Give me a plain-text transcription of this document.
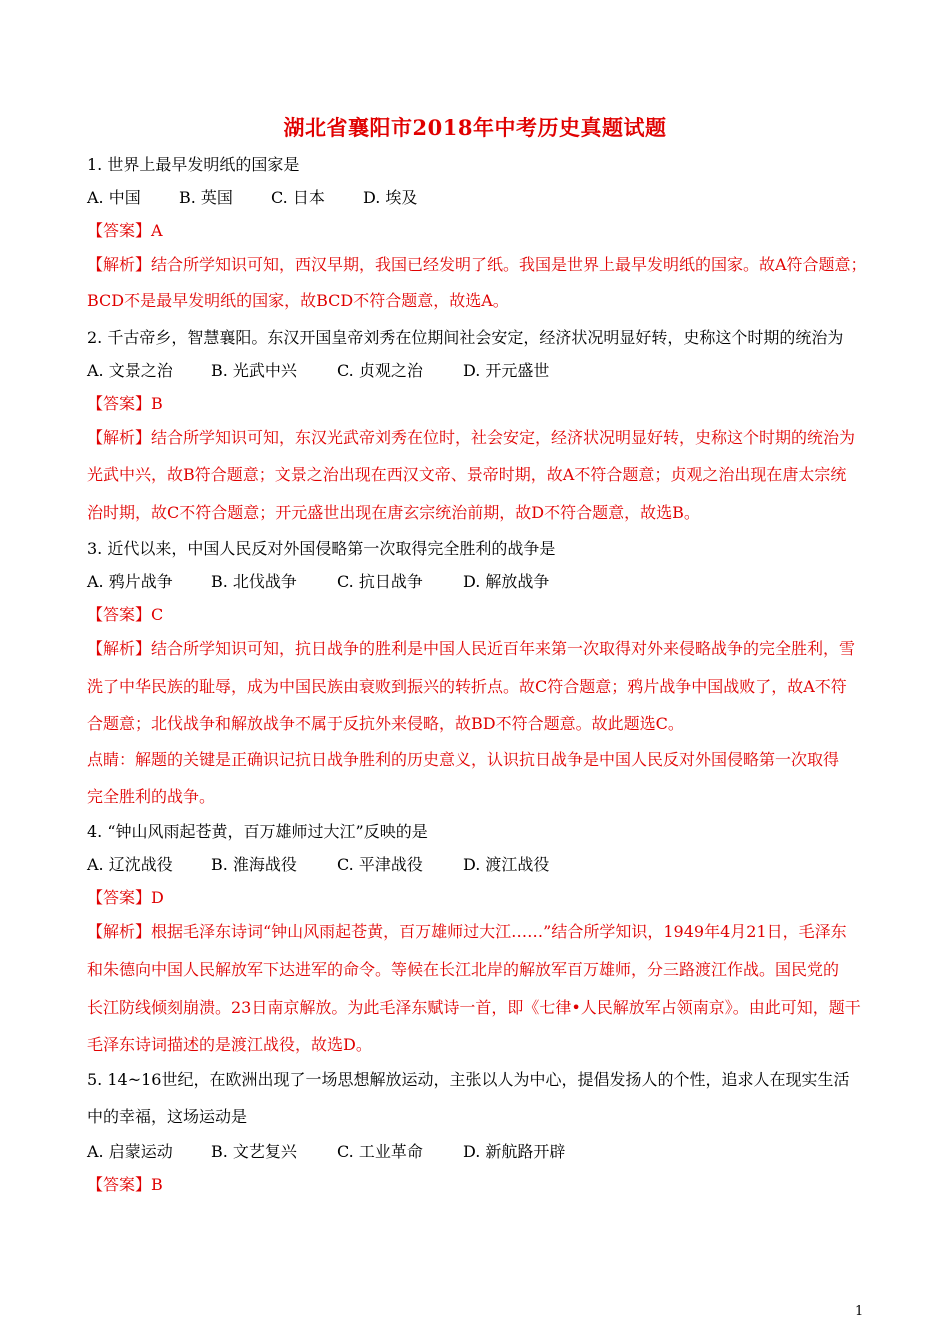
湖北省襄阳市2018年中考历史真题试题
1. 世界上最早发明纸的国家是
A. 中国 B. 英国 C. 日本 D. 埃及
【答案】A
【解析】结合所学知识可知，西汉早期，我国已经发明了纸。我国是世界上最早发明纸的国家。故A符合题意；
BCD不是最早发明纸的国家，故BCD不符合题意，故选A。
2. 千古帝乡，智慧襄阳。东汉开国皇帝刘秀在位期间社会安定，经济状况明显好转，史称这个时期的统治为
A. 文景之治 B. 光武中兴	C. 贞观之治	D. 开元盛世
【答案】B
【解析】结合所学知识可知，东汉光武帝刘秀在位时，社会安定，经济状况明显好转，史称这个时期的统治为
光武中兴，故B符合题意；文景之治出现在西汉文帝、景帝时期，故A不符合题意；贞观之治出现在唐太宗统
治时期，故C不符合题意；开元盛世出现在唐玄宗统治前期，故D不符合题意，故选B。
3. 近代以来，中国人民反对外国侵略第一次取得完全胜利的战争是
A. 鸦片战争 B. 北伐战争	C. 抗日战争	D. 解放战争
【答案】C
【解析】结合所学知识可知，抗日战争的胜利是中国人民近百年来第一次取得对外来侵略战争的完全胜利，雪
洗了中华民族的耻辱，成为中国民族由衰败到振兴的转折点。故C符合题意；鸦片战争中国战败了，故A不符
合题意；北伐战争和解放战争不属于反抗外来侵略，故BD不符合题意。故此题选C。
点睛：解题的关键是正确识记抗日战争胜利的历史意义，认识抗日战争是中国人民反对外国侵略第一次取得
完全胜利的战争。
4. “钟山风雨起苍黄，百万雄师过大江”反映的是
A. 辽沈战役 B. 淮海战役	C. 平津战役	D. 渡江战役
【答案】D
【解析】根据毛泽东诗词“钟山风雨起苍黄，百万雄师过大江……”结合所学知识，1949年4月21日，毛泽东
和朱德向中国人民解放军下达进军的命令。等候在长江北岸的解放军百万雄师，分三路渡江作战。国民党的
长江防线倾刻崩溃。23日南京解放。为此毛泽东赋诗一首，即《七律•人民解放军占领南京》。由此可知，题干
毛泽东诗词描述的是渡江战役，故选D。
5. 14~16世纪，在欧洲出现了一场思想解放运动，主张以人为中心，提倡发扬人的个性，追求人在现实生活
中的幸福，这场运动是
A. 启蒙运动 B. 文艺复兴	C. 工业革命	D. 新航路开辟
【答案】B
1
